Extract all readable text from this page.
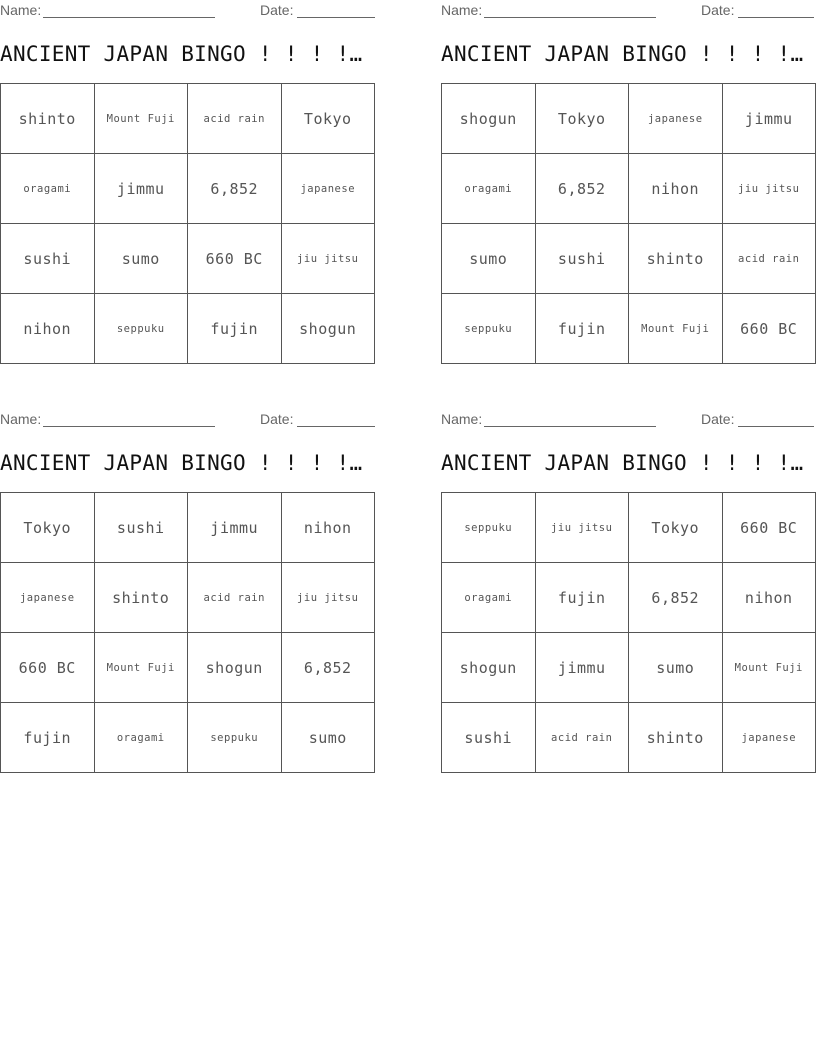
Name:	Date:
ANCIENT JAPAN BINGO ! ! ! !…
shinto	Mount Fuji	acid rain	Tokyo
oragami	jimmu	6,852	japanese
sushi	sumo	660 BC	jiu jitsu
nihon	seppuku	fujin	shogun
Name:	Date:
ANCIENT JAPAN BINGO ! ! ! !…
shogun	Tokyo	japanese	jimmu
oragami	6,852	nihon	jiu jitsu
sumo	sushi	shinto	acid rain
seppuku	fujin	Mount Fuji	660 BC
Name:	Date:
ANCIENT JAPAN BINGO ! ! ! !…
Tokyo	sushi	jimmu	nihon
japanese	shinto	acid rain	jiu jitsu
660 BC	Mount Fuji	shogun	6,852
fujin	oragami	seppuku	sumo
Name:	Date:
ANCIENT JAPAN BINGO ! ! ! !…
seppuku	jiu jitsu	Tokyo	660 BC
oragami	fujin	6,852	nihon
shogun	jimmu	sumo	Mount Fuji
sushi	acid rain	shinto	japanese
